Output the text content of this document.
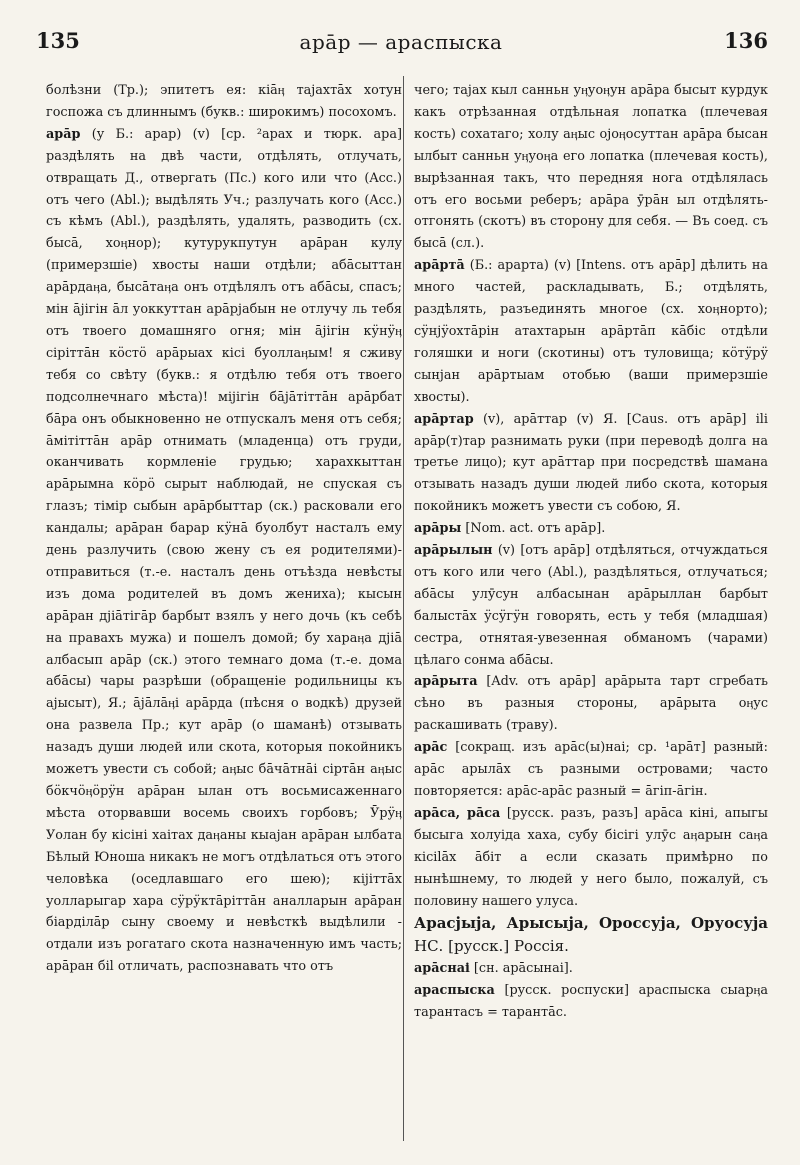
135	арāр — араспыска	136

болѣзни (Тр.); эпитетъ ея: кіāӊ тајахтāх хотун госпожа съ длиннымъ (букв.: широкимъ) посохомъ.

арāр (у Б.: арар) (v) [ср. ²арах и тюрк. ара] раздѣлять на двѣ части, отдѣлять, отлучать, отвращать Д., отвергать (Пс.) кого или что (Acc.) отъ чего (Abl.); выдѣлять Уч.; разлучать кого (Acc.) съ кѣмъ (Abl.), раздѣлять, удалять, разводить (сх. бысā, хоӊнор); кутурукпутун арāран кулу (примерзшіе) хвосты наши отдѣли; абāсыттан арāрдаӊа, бысāтаӊа онъ отдѣлялъ отъ абāсы, спасъ; мін āјігін āл уоккуттан арāрјабын не отлучу ль тебя отъ твоего домашняго огня; мін āјігін кӱнӱӊ сіріттāн кӧстӧ арāрыах кісі буоллаӊым! я сживу тебя со свѣту (букв.: я отдѣлю тебя отъ твоего подсолнечнаго мѣста)! міјігін бāјāтіттāн арāрбат бāра онъ обыкновенно не отпускалъ меня отъ себя; āмітіттāн арāр отнимать (младенца) отъ груди, оканчивать кормленіе грудью; харахкыттан арāрымна кӧрӧ сырыт наблюдай, не спуская съ глазъ; тімір сыбын арāрбыттар (ск.) расковали его кандалы; арāран барар кӱнā буолбут насталъ ему день разлучить (свою жену съ ея родителями)-отправиться (т.-е. насталъ день отъѣзда невѣсты изъ дома родителей въ домъ жениха); кысын арāран дјіāтігāр барбыт взялъ у него дочь (къ себѣ на правахъ мужа) и пошелъ домой; бу хараӊа дјіā албасып арāр (ск.) этого темнаго дома (т.-е. дома абāсы) чары разрѣши (обращеніе родильницы къ ајысыт), Я.; āјāлāӊі арāрда (пѣсня о водкѣ) друзей она развела Пр.; кут арāр (о шаманѣ) отзывать назадъ души людей или скота, которыя покойникъ можетъ увести съ собой; аӊыс бāчāтнāі сіртāн аӊыс бӧкчӧӊӧрӱн арāран ылан отъ восьмисаженнаго мѣста оторвавши восемь своихъ горбовъ; Ӯрӱӊ Уолан бу кісіні хаітах даӊаны кыаjан арāран ылбата Бѣлый Юноша никакъ не могъ отдѣлаться отъ этого человѣка (оседлавшаго его шею); кіјіттāх уолларыгар хара сӱрӱктāріттāн аналларын арāран біарділāр сыну своему и невѣсткѣ выдѣлили - отдали изъ рогатаго скота назначенную имъ часть; арāран біl отличать, распознавать что отъ

чего; тајах кыл санньн уӊуоӊун арāра бысыт курдук какъ отрѣзанная отдѣльная лопатка (плечевая кость) сохатаго; холу аӊыс ојоӊосуттан арāра бысан ылбыт санньн уӊуоӊа его лопатка (плечевая кость), вырѣзанная такъ, что передняя нога отдѣлялась отъ его восьми реберъ; арāра ӯрāн ыл отдѣлять-отгонять (скотъ) въ сторону для себя. — Въ соед. съ бысā (сл.).

арāртā (Б.: арарта) (v) [Intens. отъ арāр] дѣлить на много частей, раскладывать, Б.; отдѣлять, раздѣлять, разъединять многое (сх. хоӊнорто); сӱнјӱохтāрін атахтарын арāртāп кāбіс отдѣли голяшки и ноги (скотины) отъ туловища; кӧтӱрӱ сынјан арāртыам отобью (ваши примерзшіе хвосты).

арāртар (v), арāттар (v) Я. [Caus. отъ арāр] іlі арāр(т)тар разнимать руки (при переводѣ долга на третье лицо); кут арāттар при посредствѣ шамана отзывать назадъ души людей либо скота, которыя покойникъ можетъ увести съ собою, Я.

арāры [Nom. act. отъ арāр].

арāрылын (v) [отъ арāр] отдѣляться, отчуждаться отъ кого или чего (Abl.), раздѣляться, отлучаться; абāсы улӯсун албасынан арāрыллан барбыт балыстāх ӱсӱгӱн говорять, есть у тебя (младшая) сестра, отнятая-увезенная обманомъ (чарами) цѣлаго сонма абāсы.

арāрыта [Adv. отъ арāр] арāрыта тарт сгребать сѣно въ разныя стороны, арāрыта оӊус раскашивать (траву).

арāс [сокращ. изъ арāс(ы)наі; ср. ¹арāт] разный: арāс арылāх съ разными островами; часто повторяется: арāс-арāс разный = āгіп-āгін.

арāса, рāса [русск. разъ, разъ] арāса кіні, апыгы бысыга холуіда хаха, субу бісігі улӯс аӊарын саӊа кісіlāх āбіт а если сказать примѣрно по нынѣшнему, то людей у него было, пожалуй, съ половину нашего улуса.

Арасјыја, Арысыја, Ороссуја, Оруосуја НС. [русск.] Россія.

арāснаі [сн. арāсынаі].

араспыска [русск. роспуски] араспыска сыарӊа тарантасъ = тарантāс.
